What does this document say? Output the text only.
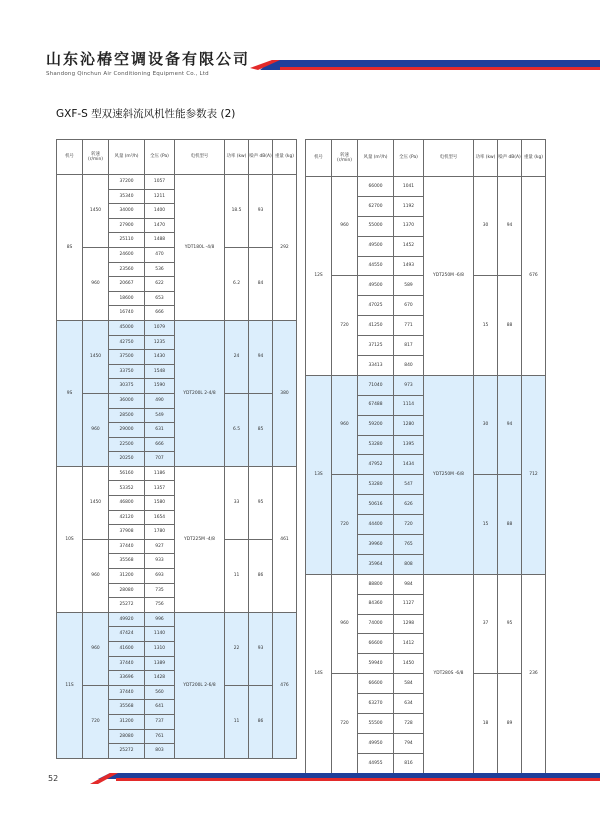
山东沁椿空调设备有限公司
Shandong Qinchun Air Conditioning Equipment Co., Ltd
GXF-S 型双速斜流风机性能参数表 (2)
机号	转速 (r/min)	风量 (m³/h)	全压 (Pa)	电机型号	功率 (kw)	噪声 dB(A)	重量 (kg)
8S	1450	37200	1057	YDT180L -4/8	18.5	93	292
		35340	1211				
		34000	1400				
		27900	1470				
		25110	1488				
	960	24600	470		6.2	84	
		23560	536				
		20667	622				
		18600	653				
		16740	666				
9S	1450	45000	1079	YDT200L 2-4/8	24	94	380
		42750	1235				
		37500	1430				
		33750	1548				
		30375	1590				
	960	36000	490		6.5	85	
		28500	549				
		29000	631				
		22500	666				
		20250	707				
10S	1450	56160	1186	YDT225M -4/8	33	95	461
		53352	1357				
		46800	1580				
		42120	1654				
		37908	1780				
	960	37440	927		11	86	
		35568	933				
		31200	693				
		28080	735				
		25272	756				
11S	960	49920	996	YDT200L 2-6/8	22	93	476
		47424	1140				
		41600	1310				
		37440	1389				
		33696	1428				
	720	37440	560		11	86	
		35568	641				
		31200	737				
		28080	761				
		25272	803				
机号	转速 (r/min)	风量 (m³/h)	全压 (Pa)	电机型号	功率 (kw)	噪声 dB(A)	重量 (kg)
12S	960	66000	1041	YDT250M -6/8	30	94	676
		62700	1192				
		55000	1370				
		49500	1452				
		44550	1493				
	720	49500	589		15	88	
		47025	670				
		41250	771				
		37125	817				
		33413	840				
13S	960	71040	973	YDT250M -6/8	30	94	712
		67488	1114				
		59200	1280				
		53280	1395				
		47952	1434				
	720	53280	547		15	88	
		50616	626				
		44400	720				
		39960	765				
		35964	808				
14S	960	88800	984	YDT280S -6/8	37	95	236
		84360	1127				
		74000	1298				
		66600	1412				
		59940	1450				
	720	66600	584		18	89	
		63270	634				
		55500	728				
		49950	794				
		44955	816				
52
